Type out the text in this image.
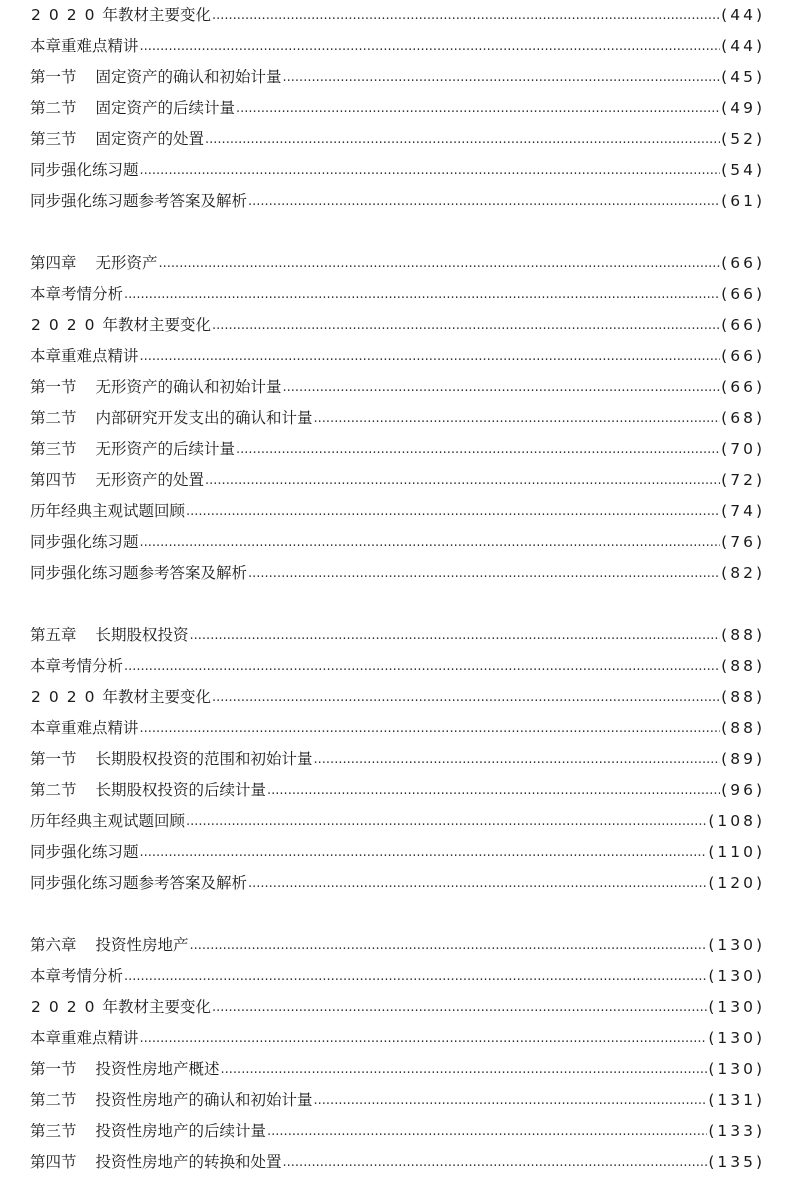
2020年教材主要变化 .....	(44)
本章重难点精讲 .....	(44)
第一节 固定资产的确认和初始计量 .....	(45)
第二节 固定资产的后续计量 .....	(49)
第三节 固定资产的处置 .....	(52)
同步强化练习题 .....	(54)
同步强化练习题参考答案及解析 .....	(61)
第四章 无形资产 .....	(66)
本章考情分析 .....	(66)
2020年教材主要变化 .....	(66)
本章重难点精讲 .....	(66)
第一节 无形资产的确认和初始计量 .....	(66)
第二节 内部研究开发支出的确认和计量 .....	(68)
第三节 无形资产的后续计量 .....	(70)
第四节 无形资产的处置 .....	(72)
历年经典主观试题回顾 .....	(74)
同步强化练习题 .....	(76)
同步强化练习题参考答案及解析 .....	(82)
第五章 长期股权投资 .....	(88)
本章考情分析 .....	(88)
2020年教材主要变化 .....	(88)
本章重难点精讲 .....	(88)
第一节 长期股权投资的范围和初始计量 .....	(89)
第二节 长期股权投资的后续计量 .....	(96)
历年经典主观试题回顾 .....	(108)
同步强化练习题 .....	(110)
同步强化练习题参考答案及解析 .....	(120)
第六章 投资性房地产 .....	(130)
本章考情分析 .....	(130)
2020年教材主要变化 .....	(130)
本章重难点精讲 .....	(130)
第一节 投资性房地产概述 .....	(130)
第二节 投资性房地产的确认和初始计量 .....	(131)
第三节 投资性房地产的后续计量 .....	(133)
第四节 投资性房地产的转换和处置 .....	(135)
